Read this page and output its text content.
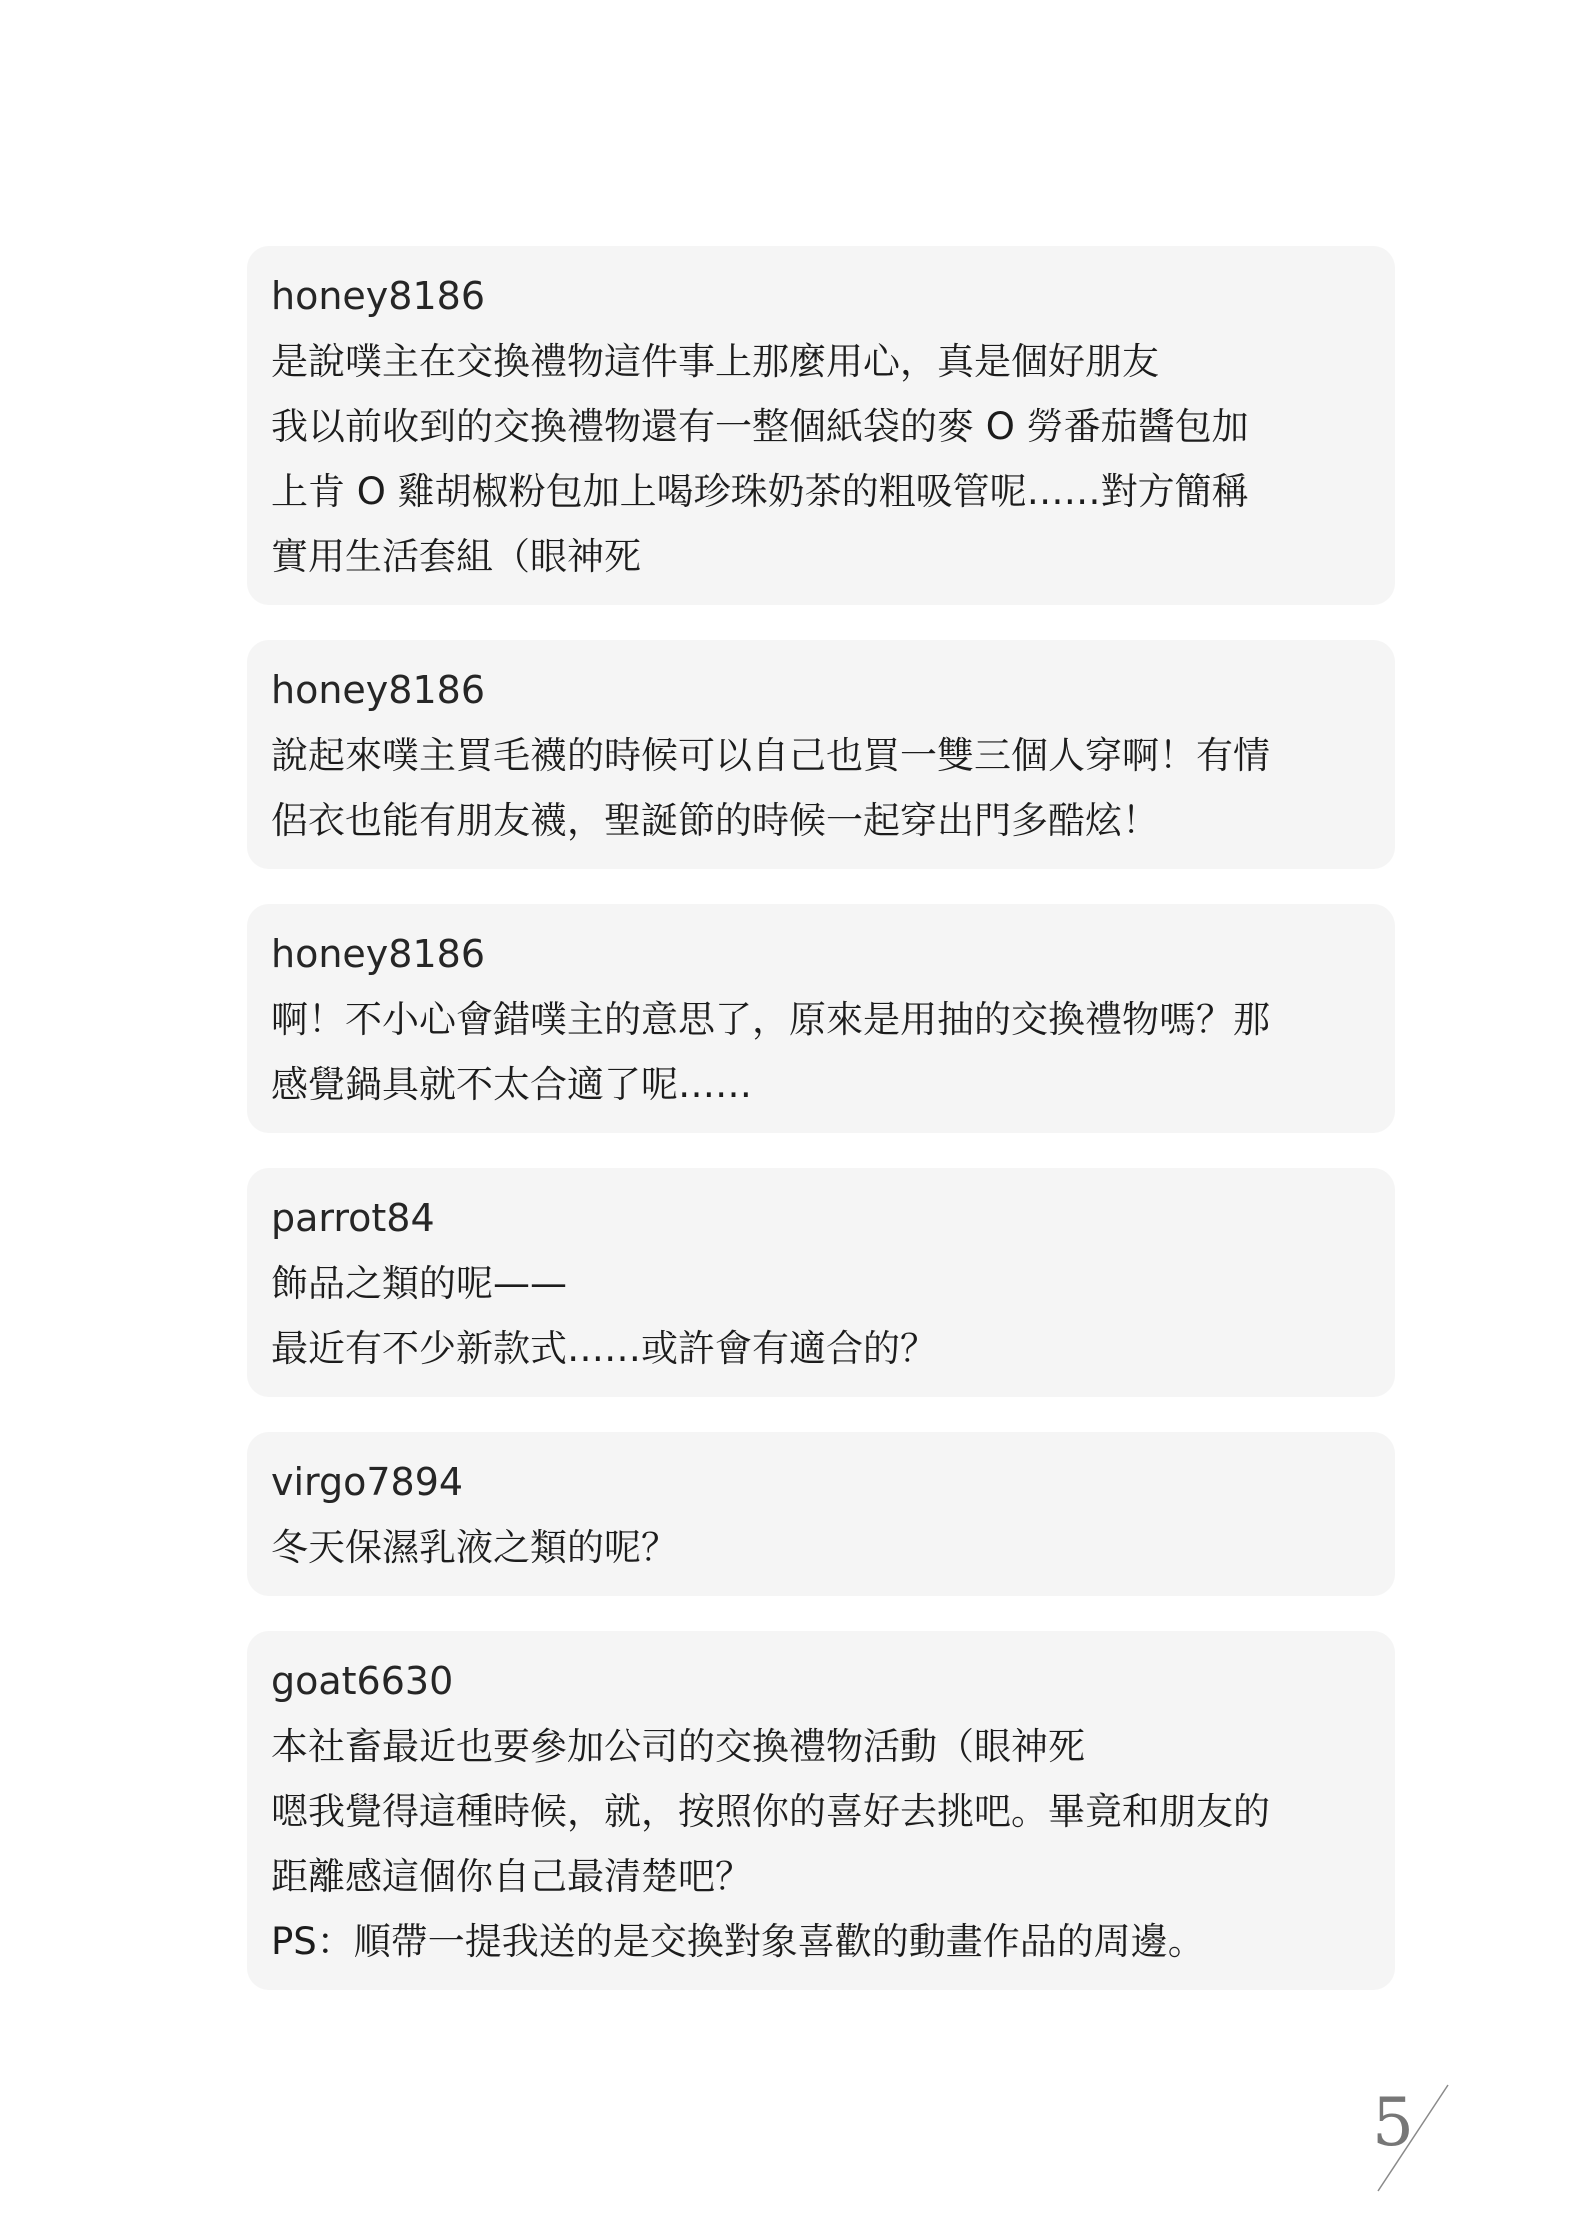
honey8186
是說噗主在交換禮物這件事上那麼用心，真是個好朋友
我以前收到的交換禮物還有一整個紙袋的麥 O 勞番茄醬包加
上肯 O 雞胡椒粉包加上喝珍珠奶茶的粗吸管呢……對方簡稱
實用生活套組（眼神死
honey8186
說起來噗主買毛襪的時候可以自己也買一雙三個人穿啊！有情
侶衣也能有朋友襪，聖誕節的時候一起穿出門多酷炫！
honey8186
啊！不小心會錯噗主的意思了，原來是用抽的交換禮物嗎？那
感覺鍋具就不太合適了呢……
parrot84
飾品之類的呢——
最近有不少新款式……或許會有適合的？
virgo7894
冬天保濕乳液之類的呢？
goat6630
本社畜最近也要參加公司的交換禮物活動（眼神死
嗯我覺得這種時候，就，按照你的喜好去挑吧。畢竟和朋友的
距離感這個你自己最清楚吧？
PS：順帶一提我送的是交換對象喜歡的動畫作品的周邊。
5
